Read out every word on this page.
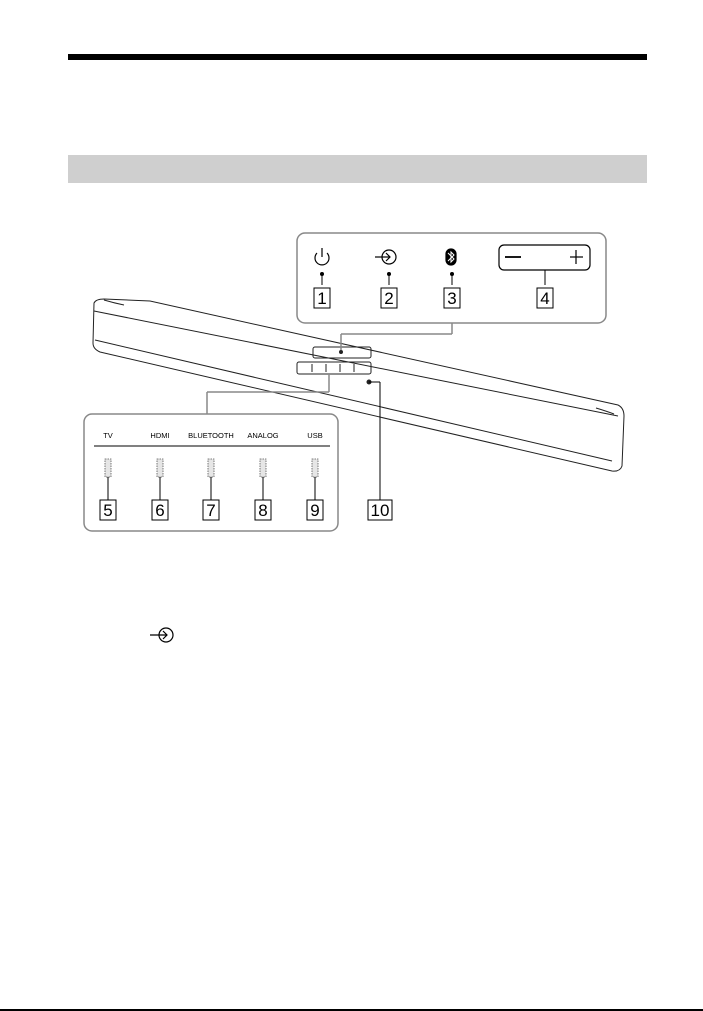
1	2	3	4
TV	HDMI BLUETOOTH ANALOG	USB
5	6 7	8	9	10
